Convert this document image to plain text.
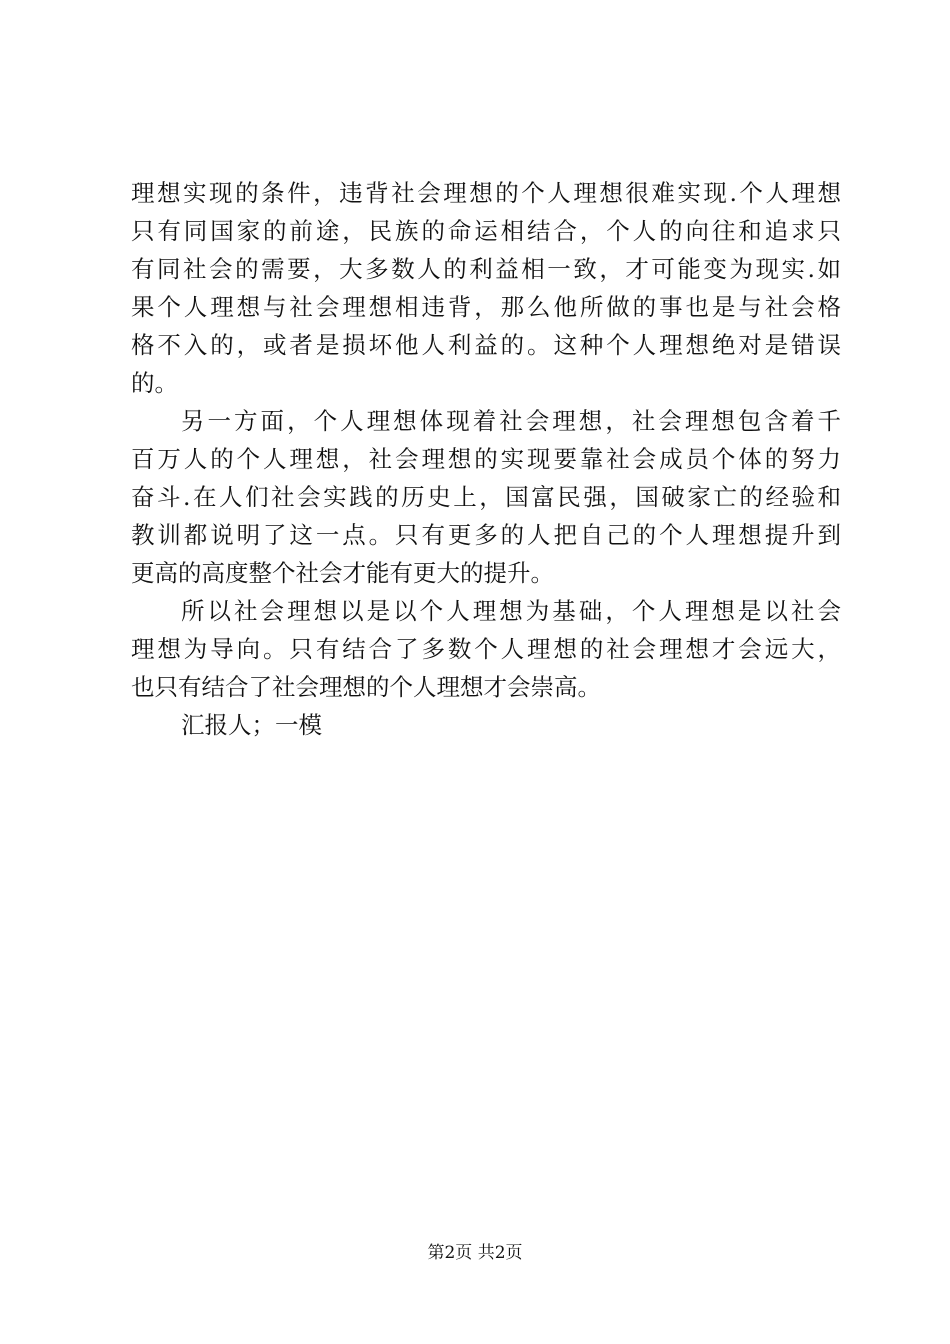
理想实现的条件，违背社会理想的个人理想很难实现.个人理想
只有同国家的前途，民族的命运相结合，个人的向往和追求只
有同社会的需要，大多数人的利益相一致，才可能变为现实.如
果个人理想与社会理想相违背，那么他所做的事也是与社会格
格不入的，或者是损坏他人利益的。这种个人理想绝对是错误
的。
另一方面，个人理想体现着社会理想，社会理想包含着千
百万人的个人理想，社会理想的实现要靠社会成员个体的努力
奋斗.在人们社会实践的历史上，国富民强，国破家亡的经验和
教训都说明了这一点。只有更多的人把自己的个人理想提升到
更高的高度整个社会才能有更大的提升。
所以社会理想以是以个人理想为基础，个人理想是以社会
理想为导向。只有结合了多数个人理想的社会理想才会远大，
也只有结合了社会理想的个人理想才会崇高。
汇报人；一模
第2页 共2页
